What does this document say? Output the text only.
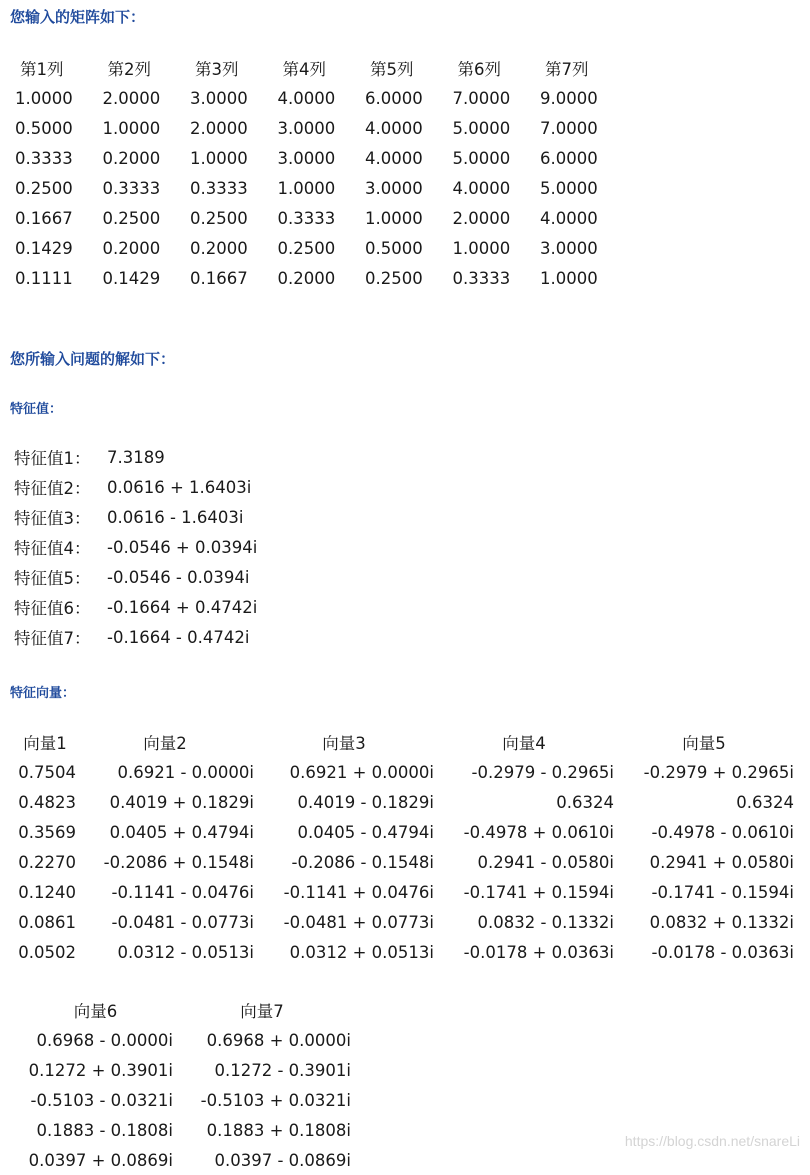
您输入的矩阵如下：
第1列	第2列	第3列	第4列	第5列	第6列	第7列
1.0000	2.0000	3.0000	4.0000	6.0000	7.0000	9.0000
0.5000	1.0000	2.0000	3.0000	4.0000	5.0000	7.0000
0.3333	0.2000	1.0000	3.0000	4.0000	5.0000	6.0000
0.2500	0.3333	0.3333	1.0000	3.0000	4.0000	5.0000
0.1667	0.2500	0.2500	0.3333	1.0000	2.0000	4.0000
0.1429	0.2000	0.2000	0.2500	0.5000	1.0000	3.0000
0.1111	0.1429	0.1667	0.2000	0.2500	0.3333	1.0000
您所输入问题的解如下：
特征值：
特征值1：	7.3189
特征值2：	0.0616 + 1.6403i
特征值3：	0.0616 - 1.6403i
特征值4：	-0.0546 + 0.0394i
特征值5：	-0.0546 - 0.0394i
特征值6：	-0.1664 + 0.4742i
特征值7：	-0.1664 - 0.4742i
特征向量：
向量1	向量2	向量3	向量4	向量5
0.7504	0.6921 - 0.0000i	0.6921 + 0.0000i	-0.2979 - 0.2965i	-0.2979 + 0.2965i
0.4823	0.4019 + 0.1829i	0.4019 - 0.1829i	0.6324	0.6324
0.3569	0.0405 + 0.4794i	0.0405 - 0.4794i	-0.4978 + 0.0610i	-0.4978 - 0.0610i
0.2270	-0.2086 + 0.1548i	-0.2086 - 0.1548i	0.2941 - 0.0580i	0.2941 + 0.0580i
0.1240	-0.1141 - 0.0476i	-0.1141 + 0.0476i	-0.1741 + 0.1594i	-0.1741 - 0.1594i
0.0861	-0.0481 - 0.0773i	-0.0481 + 0.0773i	0.0832 - 0.1332i	0.0832 + 0.1332i
0.0502	0.0312 - 0.0513i	0.0312 + 0.0513i	-0.0178 + 0.0363i	-0.0178 - 0.0363i
向量6	向量7
0.6968 - 0.0000i	0.6968 + 0.0000i
0.1272 + 0.3901i	0.1272 - 0.3901i
-0.5103 - 0.0321i	-0.5103 + 0.0321i
0.1883 - 0.1808i	0.1883 + 0.1808i
0.0397 + 0.0869i	0.0397 - 0.0869i
https://blog.csdn.net/snareLi
